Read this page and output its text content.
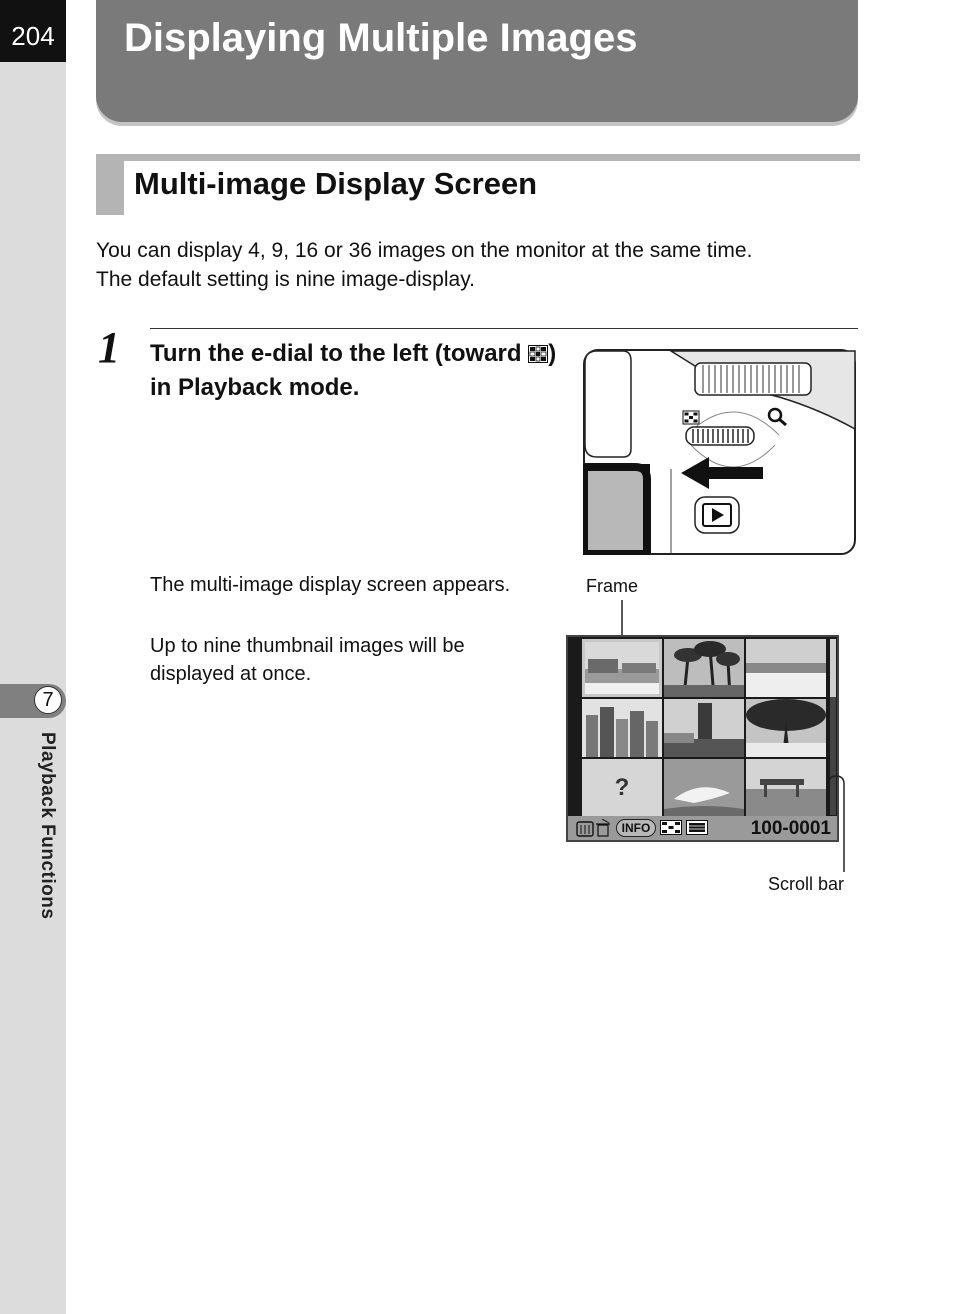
204
7
Playback Functions
Displaying Multiple Images
Multi-image Display Screen

You can display 4, 9, 16 or 36 images on the monitor at the same time.
The default setting is nine image-display.

1 Turn the e-dial to the left (toward ) in Playback mode.

The multi-image display screen appears.

Up to nine thumbnail images will be displayed at once.

Frame
?
INFO	100-0001
Scroll bar
